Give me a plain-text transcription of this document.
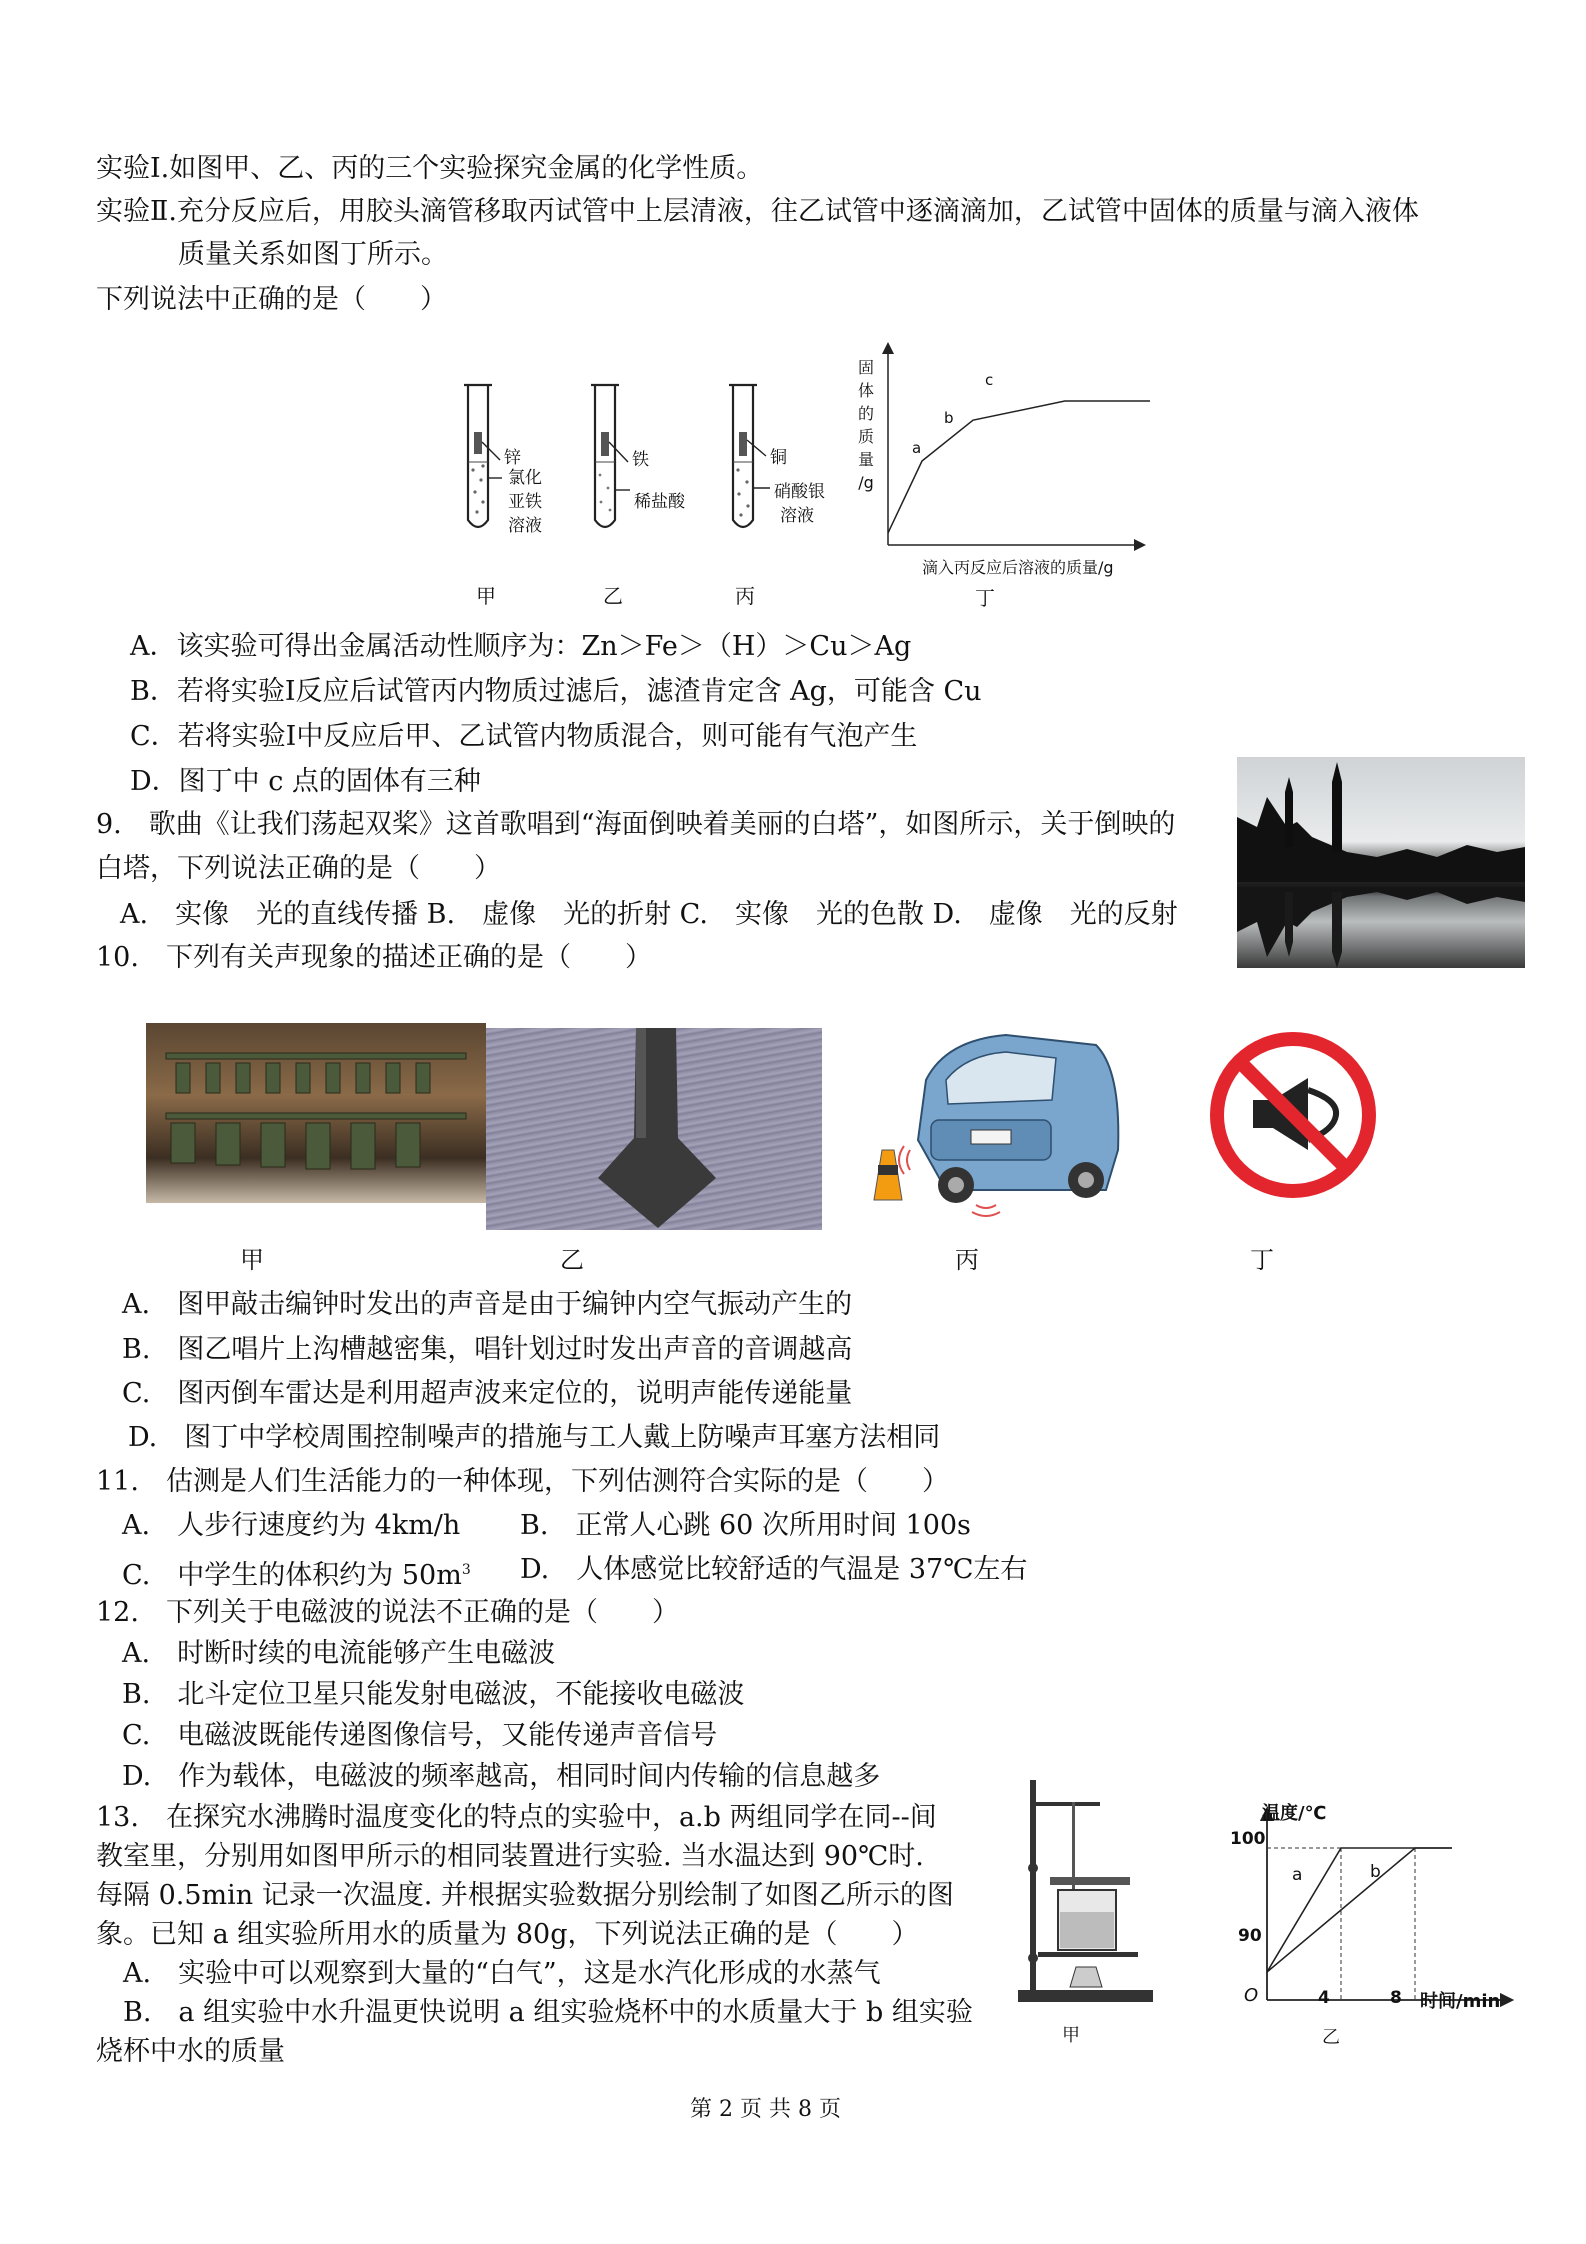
实验Ⅰ.如图甲、乙、丙的三个实验探究金属的化学性质。
实验Ⅱ.充分反应后，用胶头滴管移取丙试管中上层清液，往乙试管中逐滴滴加，乙试管中固体的质量与滴入液体
质量关系如图丁所示。
下列说法中正确的是（　　）
锌
氯化
亚铁
溶液
铁
稀盐酸
铜
硝酸银
溶液
固
体
的
质
量
/g
a
b
c
滴入丙反应后溶液的质量/g
甲	乙	丙	丁
A．该实验可得出金属活动性顺序为：Zn＞Fe＞（H）＞Cu＞Ag
B．若将实验Ⅰ反应后试管丙内物质过滤后，滤渣肯定含 Ag，可能含 Cu
C．若将实验Ⅰ中反应后甲、乙试管内物质混合，则可能有气泡产生
D．图丁中 c 点的固体有三种
9.　歌曲《让我们荡起双桨》这首歌唱到“海面倒映着美丽的白塔”，如图所示，关于倒映的
白塔，下列说法正确的是（　　）
A.　实像　光的直线传播 B.　虚像　光的折射 C.　实像　光的色散 D.　虚像　光的反射
10.　下列有关声现象的描述正确的是（　　）
甲	乙	丙	丁
A.　图甲敲击编钟时发出的声音是由于编钟内空气振动产生的
B.　图乙唱片上沟槽越密集，唱针划过时发出声音的音调越高
C.　图丙倒车雷达是利用超声波来定位的，说明声能传递能量
D.　图丁中学校周围控制噪声的措施与工人戴上防噪声耳塞方法相同
11.　估测是人们生活能力的一种体现，下列估测符合实际的是（　　）
A.　人步行速度约为 4km/h B.　正常人心跳 60 次所用时间 100s
C.　中学生的体积约为 $50m^3$ D.　人体感觉比较舒适的气温是 37℃左右
12.　下列关于电磁波的说法不正确的是（　　）
A.　时断时续的电流能够产生电磁波
B.　北斗定位卫星只能发射电磁波，不能接收电磁波
C.　电磁波既能传递图像信号，又能传递声音信号
D.　作为载体，电磁波的频率越高，相同时间内传输的信息越多
13.　在探究水沸腾时温度变化的特点的实验中，a.b 两组同学在同--间
教室里，分别用如图甲所示的相同装置进行实验. 当水温达到 90℃时.
每隔 0.5min 记录一次温度. 并根据实验数据分别绘制了如图乙所示的图
象。已知 a 组实验所用水的质量为 80g，下列说法正确的是（　　）
　A.　实验中可以观察到大量的“白气”，这是水汽化形成的水蒸气
　B.　a 组实验中水升温更快说明 a 组实验烧杯中的水质量大于 b 组实验
烧杯中水的质量
甲
温度/℃
100
90
O	4	8 时间/min
a	b
乙
第 2 页 共 8 页
